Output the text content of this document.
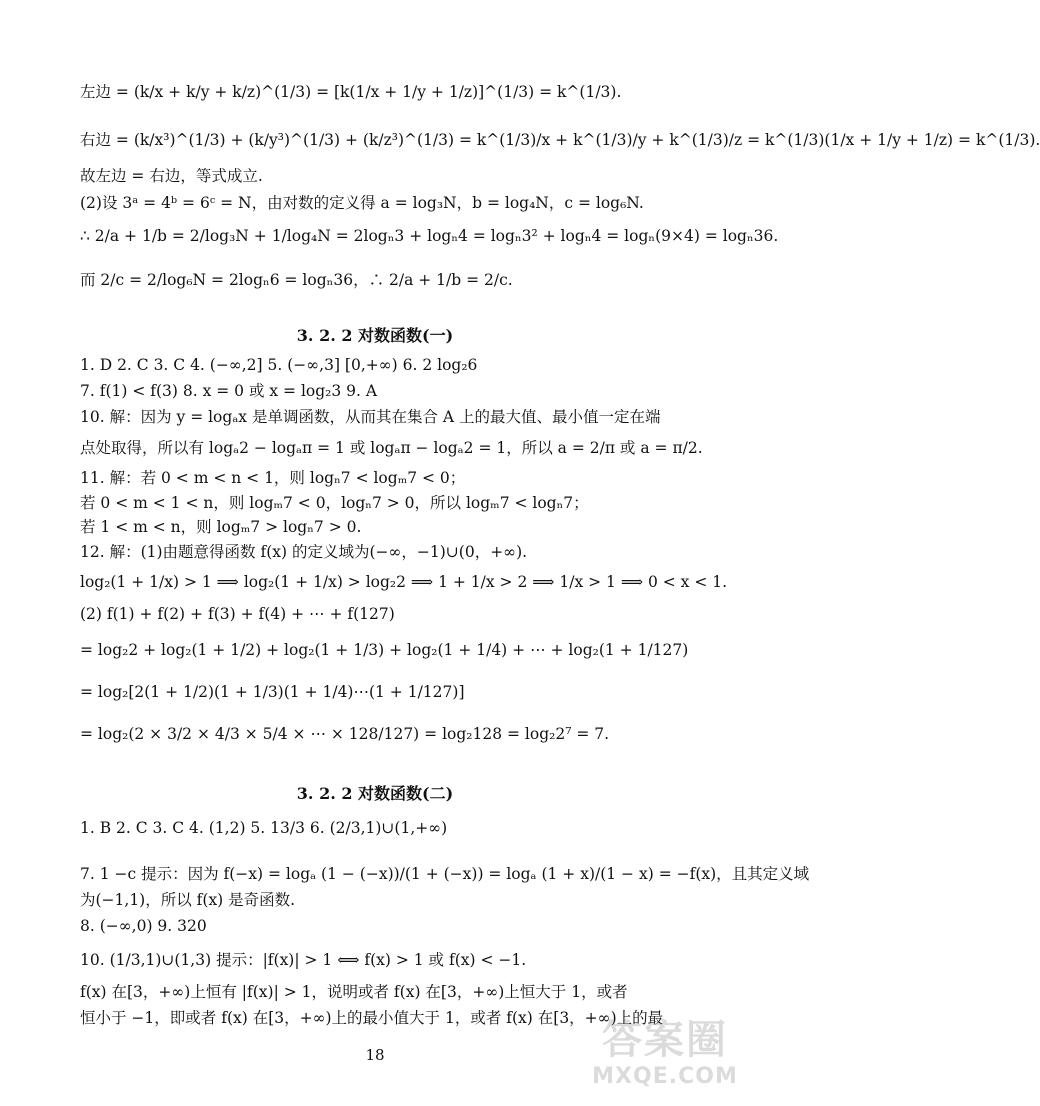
左边 = (k/x + k/y + k/z)^(1/3) = [k(1/x + 1/y + 1/z)]^(1/3) = k^(1/3).
右边 = (k/x³)^(1/3) + (k/y³)^(1/3) + (k/z³)^(1/3) = k^(1/3)/x + k^(1/3)/y + k^(1/3)/z = k^(1/3)(1/x + 1/y + 1/z) = k^(1/3).
故左边 = 右边，等式成立.
(2)设 3ᵃ = 4ᵇ = 6ᶜ = N，由对数的定义得 a = log₃N，b = log₄N，c = log₆N.
∴ 2/a + 1/b = 2/log₃N + 1/log₄N = 2logₙ3 + logₙ4 = logₙ3² + logₙ4 = logₙ(9×4) = logₙ36.
而 2/c = 2/log₆N = 2logₙ6 = logₙ36，∴ 2/a + 1/b = 2/c.
3. 2. 2 对数函数(一)
1. D 2. C 3. C 4. (−∞,2] 5. (−∞,3] [0,+∞) 6. 2 log₂6
7. f(1) < f(3) 8. x = 0 或 x = log₂3 9. A
10. 解：因为 y = logₐx 是单调函数，从而其在集合 A 上的最大值、最小值一定在端
点处取得，所以有 logₐ2 − logₐπ = 1 或 logₐπ − logₐ2 = 1，所以 a = 2/π 或 a = π/2.
11. 解：若 0 < m < n < 1，则 logₙ7 < logₘ7 < 0；
若 0 < m < 1 < n，则 logₘ7 < 0，logₙ7 > 0，所以 logₘ7 < logₙ7；
若 1 < m < n，则 logₘ7 > logₙ7 > 0.
12. 解：(1)由题意得函数 f(x) 的定义域为(−∞，−1)∪(0，+∞).
log₂(1 + 1/x) > 1 ⟹ log₂(1 + 1/x) > log₂2 ⟹ 1 + 1/x > 2 ⟹ 1/x > 1 ⟹ 0 < x < 1.
(2) f(1) + f(2) + f(3) + f(4) + ⋯ + f(127)
= log₂2 + log₂(1 + 1/2) + log₂(1 + 1/3) + log₂(1 + 1/4) + ⋯ + log₂(1 + 1/127)
= log₂[2(1 + 1/2)(1 + 1/3)(1 + 1/4)⋯(1 + 1/127)]
= log₂(2 × 3/2 × 4/3 × 5/4 × ⋯ × 128/127) = log₂128 = log₂2⁷ = 7.
3. 2. 2 对数函数(二)
1. B 2. C 3. C 4. (1,2) 5. 13/3 6. (2/3,1)∪(1,+∞)
7. 1 −c 提示：因为 f(−x) = logₐ (1 − (−x))/(1 + (−x)) = logₐ (1 + x)/(1 − x) = −f(x)，且其定义域
为(−1,1)，所以 f(x) 是奇函数.
8. (−∞,0) 9. 320
10. (1/3,1)∪(1,3) 提示：|f(x)| > 1 ⟺ f(x) > 1 或 f(x) < −1.
f(x) 在[3，+∞)上恒有 |f(x)| > 1，说明或者 f(x) 在[3，+∞)上恒大于 1，或者
恒小于 −1，即或者 f(x) 在[3，+∞)上的最小值大于 1，或者 f(x) 在[3，+∞)上的最
18	答案圈
MXQE.COM
